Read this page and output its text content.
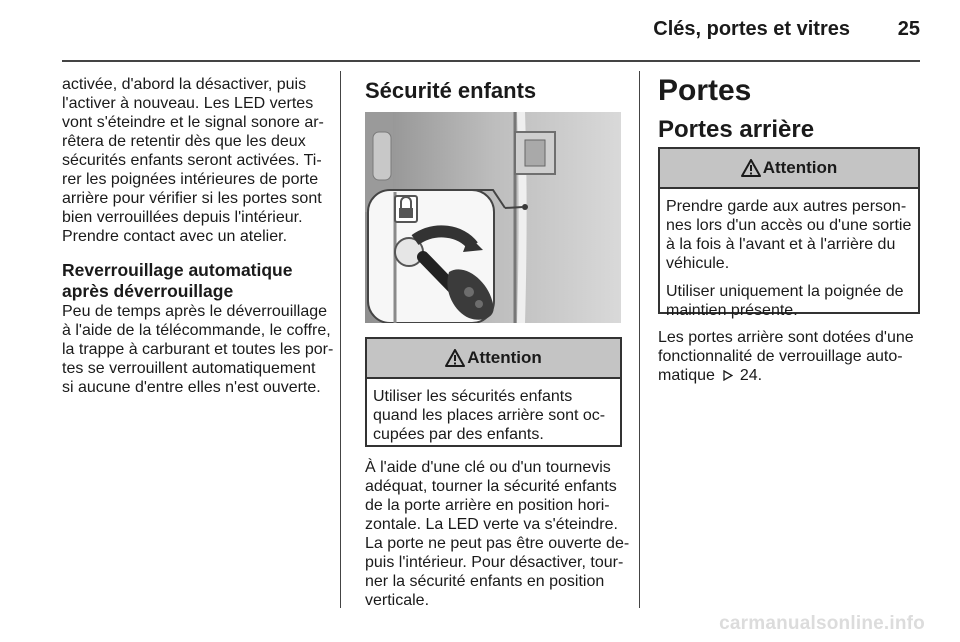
Clés, portes et vitres	25

activée, d'abord la désactiver, puis
l'activer à nouveau. Les LED vertes
vont s'éteindre et le signal sonore ar-
rêtera de retentir dès que les deux
sécurités enfants seront activées. Ti-
rer les poignées intérieures de porte
arrière pour vérifier si les portes sont
bien verrouillées depuis l'intérieur.
Prendre contact avec un atelier.

Reverrouillage automatique
après déverrouillage

Peu de temps après le déverrouillage
à l'aide de la télécommande, le coffre,
la trappe à carburant et toutes les por-
tes se verrouillent automatiquement
si aucune d'entre elles n'est ouverte.

Sécurité enfants
Attention

Utiliser les sécurités enfants
quand les places arrière sont oc-
cupées par des enfants.

À l'aide d'une clé ou d'un tournevis
adéquat, tourner la sécurité enfants
de la porte arrière en position hori-
zontale. La LED verte va s'éteindre.
La porte ne peut pas être ouverte de-
puis l'intérieur. Pour désactiver, tour-
ner la sécurité enfants en position
verticale.

Portes
Portes arrière
Attention

Prendre garde aux autres person-
nes lors d'un accès ou d'une sortie
à la fois à l'avant et à l'arrière du
véhicule.

Utiliser uniquement la poignée de
maintien présente.

Les portes arrière sont dotées d'une
fonctionnalité de verrouillage auto-
matique 24.

carmanualsonline.info
